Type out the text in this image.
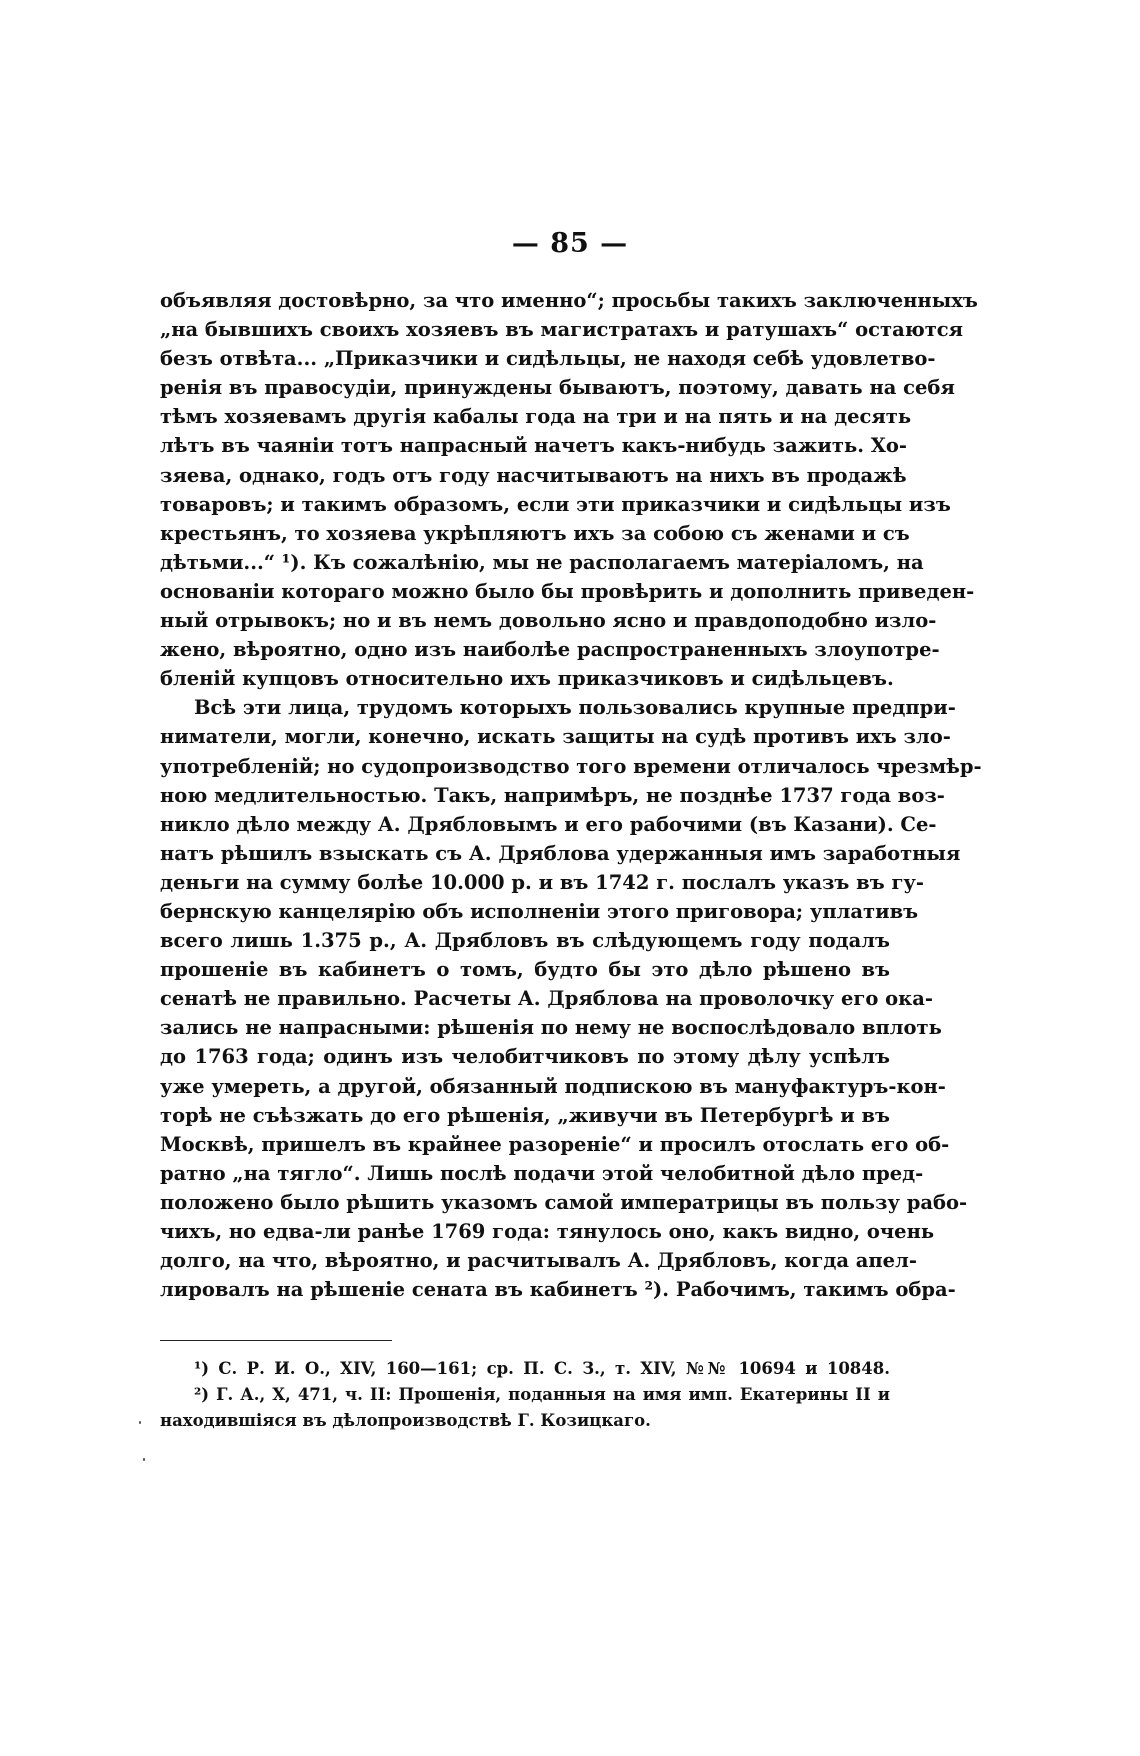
— 85 —
объявляя достовѣрно, за что именно“; просьбы такихъ заключенныхъ
„на бывшихъ своихъ хозяевъ въ магистратахъ и ратушахъ“ остаются
безъ отвѣта... „Приказчики и сидѣльцы, не находя себѣ удовлетво-
ренія въ правосудіи, принуждены бываютъ, поэтому, давать на себя
тѣмъ хозяевамъ другія кабалы года на три и на пять и на десять
лѣтъ въ чаяніи тотъ напрасный начетъ какъ-нибудь зажить. Хо-
зяева, однако, годъ отъ году насчитываютъ на нихъ въ продажѣ
товаровъ; и такимъ образомъ, если эти приказчики и сидѣльцы изъ
крестьянъ, то хозяева укрѣпляютъ ихъ за собою съ женами и съ
дѣтьми...“ ¹). Къ сожалѣнію, мы не располагаемъ матеріаломъ, на
основаніи котораго можно было бы провѣрить и дополнить приведен-
ный отрывокъ; но и въ немъ довольно ясно и правдоподобно изло-
жено, вѣроятно, одно изъ наиболѣе распространенныхъ злоупотре-
бленій купцовъ относительно ихъ приказчиковъ и сидѣльцевъ.
Всѣ эти лица, трудомъ которыхъ пользовались крупные предпри-
ниматели, могли, конечно, искать защиты на судѣ противъ ихъ зло-
употребленій; но судопроизводство того времени отличалось чрезмѣр-
ною медлительностью. Такъ, напримѣръ, не позднѣе 1737 года воз-
никло дѣло между А. Дрябловымъ и его рабочими (въ Казани). Се-
натъ рѣшилъ взыскать съ А. Дряблова удержанныя имъ заработныя
деньги на сумму болѣе 10.000 р. и въ 1742 г. послалъ указъ въ гу-
бернскую канцелярію объ исполненіи этого приговора; уплативъ
всего лишь 1.375 р., А. Дрябловъ въ слѣдующемъ году подалъ
прошеніе въ кабинетъ о томъ, будто бы это дѣло рѣшено въ
сенатѣ не правильно. Расчеты А. Дряблова на проволочку его ока-
зались не напрасными: рѣшенія по нему не воспослѣдовало вплоть
до 1763 года; одинъ изъ челобитчиковъ по этому дѣлу успѣлъ
уже умереть, а другой, обязанный подпискою въ мануфактуръ-кон-
торѣ не съѣзжать до его рѣшенія, „живучи въ Петербургѣ и въ
Москвѣ, пришелъ въ крайнее разореніе“ и просилъ отослать его об-
ратно „на тягло“. Лишь послѣ подачи этой челобитной дѣло пред-
положено было рѣшить указомъ самой императрицы въ пользу рабо-
чихъ, но едва-ли ранѣе 1769 года: тянулось оно, какъ видно, очень
долго, на что, вѣроятно, и расчитывалъ А. Дрябловъ, когда апел-
лировалъ на рѣшеніе сената въ кабинетъ ²). Рабочимъ, такимъ обра-
¹) С. Р. И. О., XIV, 160—161; ср. П. С. З., т. XIV, №№ 10694 и 10848.
²) Г. А., X, 471, ч. II: Прошенія, поданныя на имя имп. Екатерины II и
находившіяся въ дѣлопроизводствѣ Г. Козицкаго.
